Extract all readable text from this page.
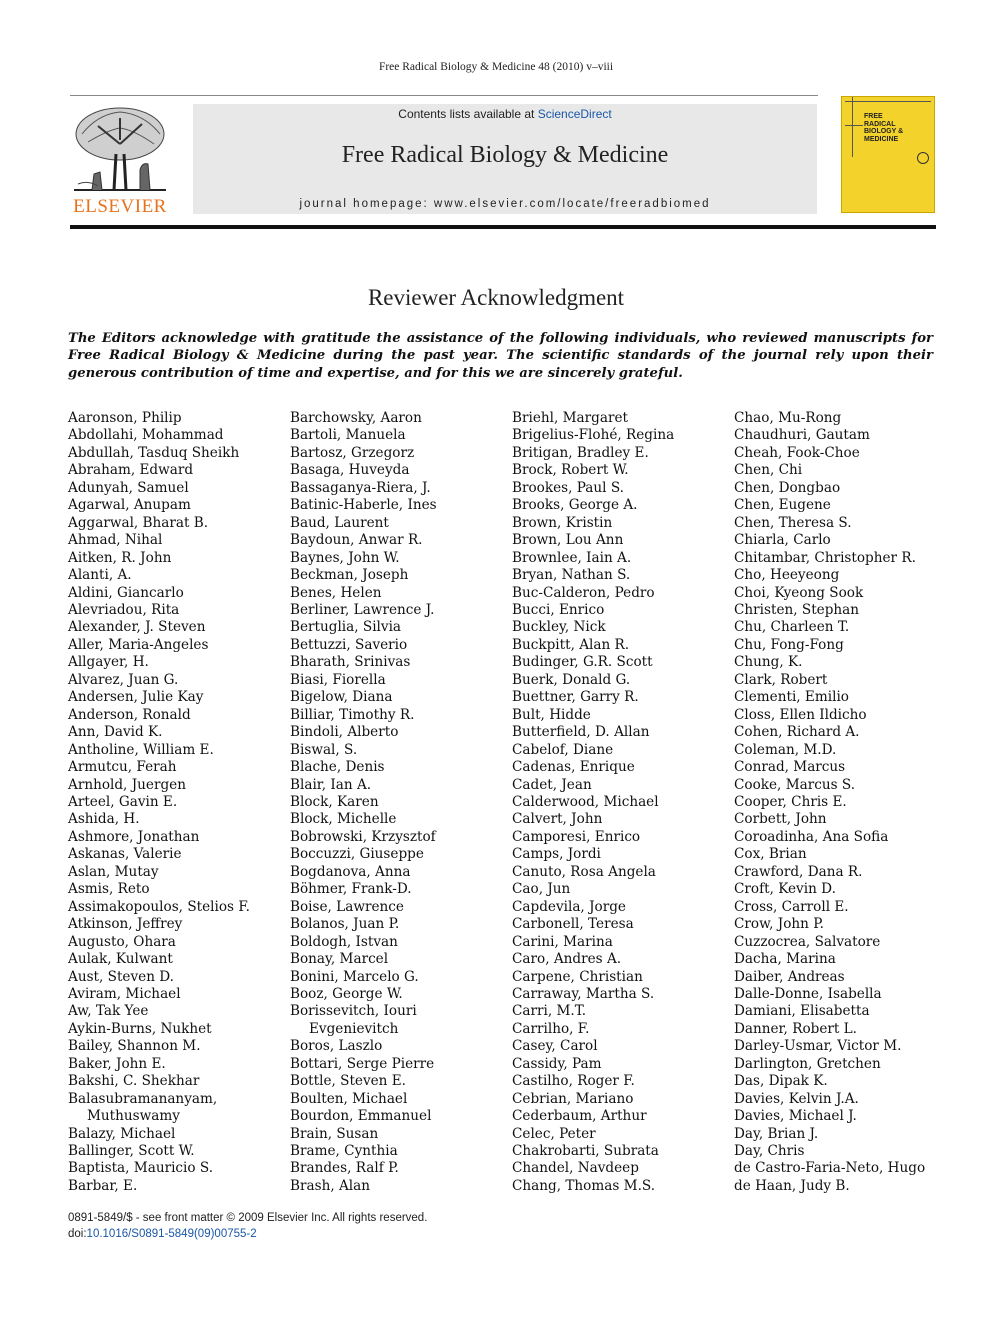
Free Radical Biology & Medicine 48 (2010) v–viii
ELSEVIER
Contents lists available at ScienceDirect
Free Radical Biology & Medicine
journal homepage: www.elsevier.com/locate/freeradbiomed
FREE
RADICAL
BIOLOGY &
MEDICINE
Reviewer Acknowledgment

The Editors acknowledge with gratitude the assistance of the following individuals, who reviewed manuscripts for Free Radical Biology & Medicine during the past year. The scientific standards of the journal rely upon their generous contribution of time and expertise, and for this we are sincerely grateful.

Aaronson, Philip
Abdollahi, Mohammad
Abdullah, Tasduq Sheikh
Abraham, Edward
Adunyah, Samuel
Agarwal, Anupam
Aggarwal, Bharat B.
Ahmad, Nihal
Aitken, R. John
Alanti, A.
Aldini, Giancarlo
Alevriadou, Rita
Alexander, J. Steven
Aller, Maria-Angeles
Allgayer, H.
Alvarez, Juan G.
Andersen, Julie Kay
Anderson, Ronald
Ann, David K.
Antholine, William E.
Armutcu, Ferah
Arnhold, Juergen
Arteel, Gavin E.
Ashida, H.
Ashmore, Jonathan
Askanas, Valerie
Aslan, Mutay
Asmis, Reto
Assimakopoulos, Stelios F.
Atkinson, Jeffrey
Augusto, Ohara
Aulak, Kulwant
Aust, Steven D.
Aviram, Michael
Aw, Tak Yee
Aykin-Burns, Nukhet
Bailey, Shannon M.
Baker, John E.
Bakshi, C. Shekhar
Balasubramananyam,
Muthuswamy
Balazy, Michael
Ballinger, Scott W.
Baptista, Mauricio S.
Barbar, E.
Barchowsky, Aaron
Bartoli, Manuela
Bartosz, Grzegorz
Basaga, Huveyda
Bassaganya-Riera, J.
Batinic-Haberle, Ines
Baud, Laurent
Baydoun, Anwar R.
Baynes, John W.
Beckman, Joseph
Benes, Helen
Berliner, Lawrence J.
Bertuglia, Silvia
Bettuzzi, Saverio
Bharath, Srinivas
Biasi, Fiorella
Bigelow, Diana
Billiar, Timothy R.
Bindoli, Alberto
Biswal, S.
Blache, Denis
Blair, Ian A.
Block, Karen
Block, Michelle
Bobrowski, Krzysztof
Boccuzzi, Giuseppe
Bogdanova, Anna
Böhmer, Frank-D.
Boise, Lawrence
Bolanos, Juan P.
Boldogh, Istvan
Bonay, Marcel
Bonini, Marcelo G.
Booz, George W.
Borissevitch, Iouri
Evgenievitch
Boros, Laszlo
Bottari, Serge Pierre
Bottle, Steven E.
Boulten, Michael
Bourdon, Emmanuel
Brain, Susan
Brame, Cynthia
Brandes, Ralf P.
Brash, Alan
Briehl, Margaret
Brigelius-Flohé, Regina
Britigan, Bradley E.
Brock, Robert W.
Brookes, Paul S.
Brooks, George A.
Brown, Kristin
Brown, Lou Ann
Brownlee, Iain A.
Bryan, Nathan S.
Buc-Calderon, Pedro
Bucci, Enrico
Buckley, Nick
Buckpitt, Alan R.
Budinger, G.R. Scott
Buerk, Donald G.
Buettner, Garry R.
Bult, Hidde
Butterfield, D. Allan
Cabelof, Diane
Cadenas, Enrique
Cadet, Jean
Calderwood, Michael
Calvert, John
Camporesi, Enrico
Camps, Jordi
Canuto, Rosa Angela
Cao, Jun
Capdevila, Jorge
Carbonell, Teresa
Carini, Marina
Caro, Andres A.
Carpene, Christian
Carraway, Martha S.
Carri, M.T.
Carrilho, F.
Casey, Carol
Cassidy, Pam
Castilho, Roger F.
Cebrian, Mariano
Cederbaum, Arthur
Celec, Peter
Chakrobarti, Subrata
Chandel, Navdeep
Chang, Thomas M.S.
Chao, Mu-Rong
Chaudhuri, Gautam
Cheah, Fook-Choe
Chen, Chi
Chen, Dongbao
Chen, Eugene
Chen, Theresa S.
Chiarla, Carlo
Chitambar, Christopher R.
Cho, Heeyeong
Choi, Kyeong Sook
Christen, Stephan
Chu, Charleen T.
Chu, Fong-Fong
Chung, K.
Clark, Robert
Clementi, Emilio
Closs, Ellen Ildicho
Cohen, Richard A.
Coleman, M.D.
Conrad, Marcus
Cooke, Marcus S.
Cooper, Chris E.
Corbett, John
Coroadinha, Ana Sofia
Cox, Brian
Crawford, Dana R.
Croft, Kevin D.
Cross, Carroll E.
Crow, John P.
Cuzzocrea, Salvatore
Dacha, Marina
Daiber, Andreas
Dalle-Donne, Isabella
Damiani, Elisabetta
Danner, Robert L.
Darley-Usmar, Victor M.
Darlington, Gretchen
Das, Dipak K.
Davies, Kelvin J.A.
Davies, Michael J.
Day, Brian J.
Day, Chris
de Castro-Faria-Neto, Hugo
de Haan, Judy B.
0891-5849/$ - see front matter © 2009 Elsevier Inc. All rights reserved.
doi:10.1016/S0891-5849(09)00755-2
